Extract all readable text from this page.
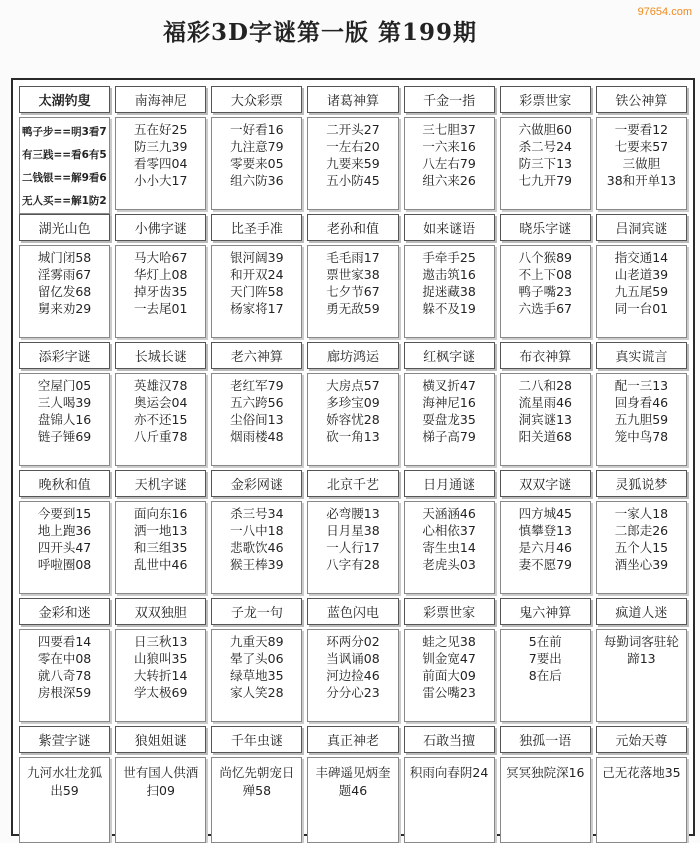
97654.com
福彩3D字谜第一版 第199期
太湖钓叟
鸭子步==明3看7
有三践==看6有5
二钱银==解9看6
无人买==解1防2
南海神尼
五在好25
防三九39
看零四04
小小大17
大众彩票
一好看16
九注意79
零要来05
组六防36
诸葛神算
二开头27
一左右20
九要来59
五小防45
千金一指
三七胆37
一六来16
八左右79
组六来26
彩票世家
六做胆60
杀二号24
防三下13
七九开79
铁公神算
一要看12
七要来57
三做胆
38和开单13
湖光山色
城门闭58
淫雾雨67
留亿发68
舅来劝29
小佛字谜
马大哈67
华灯上08
掉牙齿35
一去尾01
比圣手准
银河阔39
和开双24
天门阵58
杨家将17
老孙和值
毛毛雨17
票世家38
七夕节67
勇无敌59
如来谜语
手牵手25
遨击筑16
捉迷藏38
躲不及19
晓乐字谜
八个猴89
不上下08
鸭子嘴23
六选手67
吕洞宾谜
指交通14
山老道39
九五尾59
同一台01
添彩字谜
空屋门05
三人喝39
盘锦人16
链子锤69
长城长谜
英雄汉78
奥运会04
亦不还15
八斤重78
老六神算
老红军79
五六跨56
尘俗间13
烟雨楼48
廊坊鸿运
大房点57
多珍宝09
娇容忧28
砍一角13
红枫字谜
横叉折47
海神尼16
耍盘龙35
梯子高79
布衣神算
二八和28
流星雨46
洞宾谜13
阳关道68
真实谎言
配一三13
回身看46
五九胆59
笼中鸟78
晚秋和值
今要到15
地上跑36
四开头47
呼啦圈08
天机字谜
面向东16
洒一地13
和三组35
乱世中46
金彩网谜
杀三号34
一八中18
悲歌饮46
猴王棒39
北京千艺
必弯腰13
日月星38
一人行17
八字有28
日月通谜
天涵涵46
心相依37
寄生虫14
老虎头03
双双字谜
四方城45
慎攀登13
是六月46
妻不愿79
灵狐说梦
一家人18
二郎走26
五个人15
酒坐心39
金彩和迷
四要看14
零在中08
就八奇78
房根深59
双双独胆
日三秋13
山狼叫35
大转折14
学太极69
子龙一句
九重天89
晕了头06
绿草地35
家人笑28
蓝色闪电
环两分02
当讽诵08
河边捡46
分分心23
彩票世家
蛙之见38
钏金宽47
前面大09
雷公嘴23
鬼六神算
5在前
7要出
8在后
疯道人迷
每勤词客驻轮
蹄13
紫萱字谜
九河水壮龙狐
出59
狼姐姐谜
世有国人供酒
扫09
千年虫谜
尚忆先朝宠日
殚58
真正神老
丰碑遥见炳奎
题46
石敢当擅
积雨向春阴24
独孤一语
冥冥独院深16
元始天尊
己无花落地35
